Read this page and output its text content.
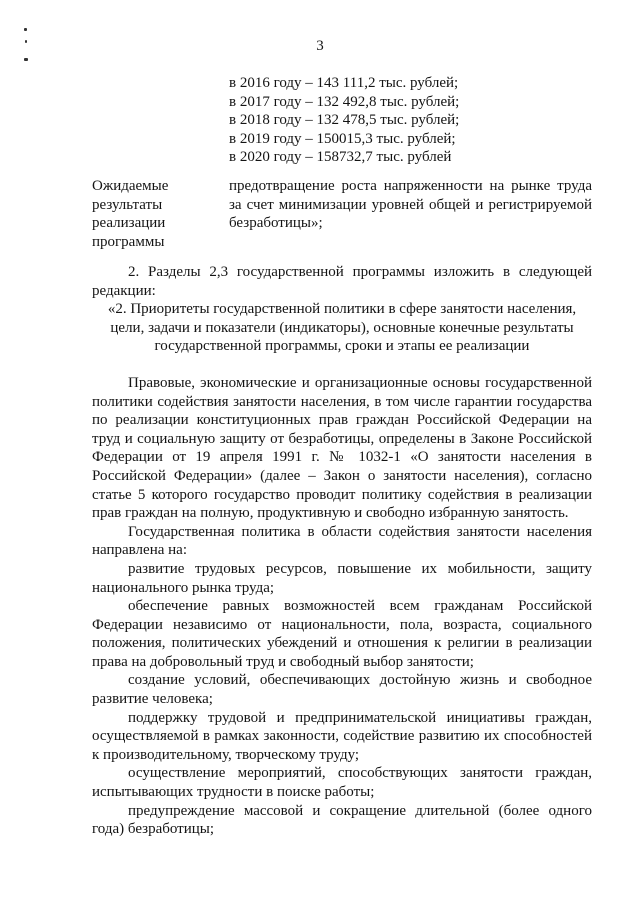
3
в 2016 году – 143 111,2 тыс. рублей;
в 2017 году – 132 492,8 тыс. рублей;
в 2018 году – 132 478,5 тыс. рублей;
в 2019 году – 150015,3 тыс. рублей;
в 2020 году – 158732,7 тыс. рублей
Ожидаемые результаты реализации программы
предотвращение роста напряженности на рынке труда за счет минимизации уровней общей и регистрируемой безработицы»;

2. Разделы 2,3 государственной программы изложить в следующей редакции:

«2. Приоритеты государственной политики в сфере занятости населения, цели, задачи и показатели (индикаторы), основные конечные результаты государственной программы, сроки и этапы ее реализации

Правовые, экономические и организационные основы государственной политики содействия занятости населения, в том числе гарантии государства по реализации конституционных прав граждан Российской Федерации на труд и социальную защиту от безработицы, определены в Законе Российской Федерации от 19 апреля 1991 г. № 1032-1 «О занятости населения в Российской Федерации» (далее – Закон о занятости населения), согласно статье 5 которого государство проводит политику содействия в реализации прав граждан на полную, продуктивную и свободно избранную занятость.

Государственная политика в области содействия занятости населения направлена на:

развитие трудовых ресурсов, повышение их мобильности, защиту национального рынка труда;

обеспечение равных возможностей всем гражданам Российской Федерации независимо от национальности, пола, возраста, социального положения, политических убеждений и отношения к религии в реализации права на добровольный труд и свободный выбор занятости;

создание условий, обеспечивающих достойную жизнь и свободное развитие человека;

поддержку трудовой и предпринимательской инициативы граждан, осуществляемой в рамках законности, содействие развитию их способностей к производительному, творческому труду;

осуществление мероприятий, способствующих занятости граждан, испытывающих трудности в поиске работы;

предупреждение массовой и сокращение длительной (более одного года) безработицы;
